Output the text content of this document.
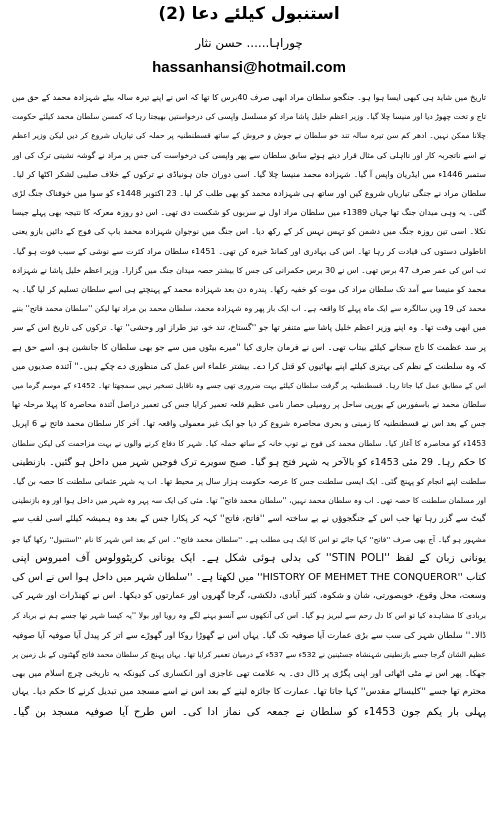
استنبول کیلئے دعا (2)
چوراہا...... حسن نثار
hassanhansi@hotmail.com

تاریخ میں شاید ہی کبھی ایسا ہوا ہو۔ جنگجو سلطان مراد ابھی صرف 40برس کا تھا کہ اس نے اپنے تیرہ سالہ بیٹے شہزادہ محمد کے حق میں
تاج و تخت چھوڑ دیا اور منیسا چلا گیا۔ وزیر اعظم خلیل پاشا مراد کو مسلسل واپسی کی درخواستیں بھیجتا رہا کہ کمسن سلطان محمد کیلئے حکومت
چلانا ممکن نہیں۔ ادھر کم سن تیرہ سالہ تند خو سلطان نے جوش و خروش کے ساتھ قسطنطنیہ پر حملہ کی تیاریاں شروع کر دیں لیکن وزیر اعظم
نے اسے ناتجربہ کار اور نااہلی کی مثال قرار دیتے ہوئے سابق سلطان سے پھر واپسی کی درخواست کی جس پر مراد نے گوشہ نشینی ترک کی اور
ستمبر 1446ء میں ایڈریان واپس آ گیا۔ شہزادہ محمد منیسا چلا گیا۔ اسی دوران جان ہونیاڈی نے ترکوں کے خلاف صلیبی لشکر اکٹھا کر لیا۔
سلطان مراد نے جنگی تیاریاں شروع کیں اور ساتھ ہی شہزادہ محمد کو بھی طلب کر لیا۔ 23 اکتوبر 1448ء کو سوا میں خوفناک جنگ لڑی
گئی۔ یہ وہی میدان جنگ تھا جہاں 1389ء میں سلطان مراد اول نے سربوں کو شکست دی تھی۔ اس دو روزہ معرکہ کا نتیجہ بھی پہلے جیسا
نکلا۔ اسی تین روزہ جنگ میں دشمن کو تہس نہس کر کے رکھ دیا۔ اس جنگ میں نوجوان شہزادہ محمد باپ کی فوج کے دائیں بازو یعنی
اناطولی دستوں کی قیادت کر رہا تھا۔ اس کی بہادری اور کمانڈ خیرہ کن تھی۔ 1451ء سلطان مراد کثرت سے نوشی کے سبب فوت ہو گیا۔
تب اس کی عمر صرف 47 برس تھی۔ اس نے 30 برس حکمرانی کی جس کا بیشتر حصہ میدان جنگ میں گزارا۔ وزیر اعظم خلیل پاشا نے شہزادہ
محمد کو منیسا سے آمد تک سلطان مراد کی موت کو خفیہ رکھا۔ پندرہ دن بعد شہزادہ محمد کے پہنچتے ہی اسے سلطان تسلیم کر لیا گیا۔ یہ
محمد کی 19 ویں سالگرہ سے ایک ماہ پہلے کا واقعہ ہے۔ اب ایک بار پھر وہ شہزادہ محمد، سلطان محمد بن مراد تھا لیکن ''سلطان محمد فاتح'' بننے
میں ابھی وقت تھا۔ وہ اپنے وزیر اعظم خلیل پاشا سے متنفر تھا جو ''گستاخ، تند خو، تیز طراز اور وحشی'' تھا۔ ترکوں کی تاریخ اس کے سر
پر سد عظمت کا تاج سجانے کیلئے بیتاب تھی۔ اس نے فرمان جاری کیا ''میرے بیٹوں میں سے جو بھی سلطان کا جانشین ہو، اسے حق ہے
کہ وہ سلطنت کے نظم کی بہتری کیلئے اپنے بھائیوں کو قتل کرا دے۔ بیشتر علماء اس عمل کی منظوری دے چکے ہیں۔'' آئندہ صدیوں میں
اس کے مطابق عمل کیا جاتا رہا۔ قسطنطنیہ پر گرفت سلطان کیلئے بہت ضروری تھی جسے وہ ناقابل تسخیر نہیں سمجھتا تھا۔ 1452ء کے موسم گرما میں
سلطان محمد نے باسفورس کے یورپی ساحل پر رومیلی حصار نامی عظیم قلعہ تعمیر کرایا جس کی تعمیر دراصل آئندہ محاصرہ کا پہلا مرحلہ تھا
جس کے بعد اس نے قسطنطنیہ کا زمینی و بحری محاصرہ شروع کر دیا جو ایک غیر معمولی واقعہ تھا۔ آخر کار سلطان محمد فاتح نے 6 اپریل
1453ء کو محاصرہ کا آغاز کیا۔ سلطان محمد کی فوج نے توپ خانہ کے ساتھ حملہ کیا۔ شہر کا دفاع کرنے والوں نے بہت مزاحمت کی لیکن سلطان
کا حکم رہا۔ 29 مئی 1453ء کو بالآخر یہ شہر فتح ہو گیا۔ صبح سویرے ترک فوجیں شہر میں داخل ہو گئیں۔ بازنطینی
سلطنت اپنے انجام کو پہنچ گئی۔ ایک ایسی سلطنت جس کا عرصہ حکومت ہزار سال پر محیط تھا۔ اب یہ شہر عثمانی سلطنت کا حصہ بن گیا۔
اور مسلمان سلطنت کا حصہ تھی۔ اب وہ سلطان محمد نہیں، ''سلطان محمد فاتح'' تھا۔ مئی کی ایک سہ پہر وہ شہر میں داخل ہوا اور وہ بازنطینی
گیٹ سے گزر رہا تھا جب اس کے جنگجوؤں نے بے ساختہ اسے ''فاتح، فاتح'' کہہ کر پکارا جس کے بعد وہ ہمیشہ کیلئے اسی لقب سے
مشہور ہو گیا۔ آج بھی صرف ''فاتح'' کہا جائے تو اس کا ایک ہی مطلب ہے۔ ''سلطان محمد فاتح''۔ اس کے بعد اس شہر کا نام ''استنبول'' رکھا گیا جو
یونانی زبان کے لفظ ''STIN POLI'' کی بدلی ہوئی شکل ہے۔ ایک یونانی کریٹوولوس آف امبروس اپنی
کتاب ''HISTORY OF MEHMET THE CONQUEROR'' میں لکھتا ہے۔ ''سلطان شہر میں داخل ہوا اس نے اس کی
وسعت، محل وقوع، خوبصورتی، شان و شکوہ، کثیر آبادی، دلکشی، گرجا گھروں اور عمارتوں کو دیکھا۔ اس نے کھنڈرات اور شہر کی
بربادی کا مشاہدہ کیا تو اس کا دل رحم سے لبریز ہو گیا۔ اس کی آنکھوں سے آنسو بہنے لگے وہ رویا اور بولا ''یہ کیسا شہر تھا جسے ہم نے برباد کر
ڈالا۔'' سلطان شہر کی سب سے بڑی عمارت آیا صوفیہ تک گیا۔ یہاں اس نے گھوڑا روکا اور گھوڑے سے اتر کر پیدل آیا صوفیہ آیا صوفیہ
عظیم الشان گرجا جسے بازنطینی شہنشاہ جسٹینین نے 532ء سے 537ء کے درمیان تعمیر کرایا تھا۔ یہاں پہنچ کر سلطان محمد فاتح گھٹنوں کے بل زمین پر
جھکا۔ پھر اس نے مٹی اٹھائی اور اپنی پگڑی پر ڈال دی۔ یہ علامت تھی عاجزی اور انکساری کی کیونکہ یہ تاریخی چرچ اسلام میں بھی
محترم تھا جسے ''کلیسائے مقدس'' کہا جاتا تھا۔ عمارت کا جائزہ لینے کے بعد اس نے اسے مسجد میں تبدیل کرنے کا حکم دیا۔ یہاں
پہلی بار یکم جون 1453ء کو سلطان نے جمعہ کی نماز ادا کی۔ اس طرح آیا صوفیہ مسجد بن گیا۔
